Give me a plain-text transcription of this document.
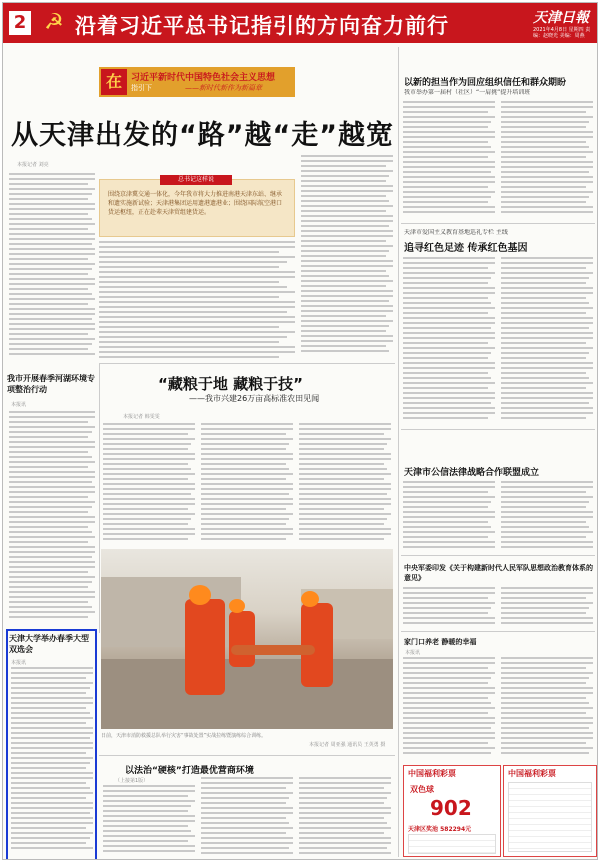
2 ☭ 沿着习近平总书记指引的方向奋力前行	天津日報
2021年4月8日 星期四 责编：赵晓光 美编：周燕
在	习近平新时代中国特色社会主义思想
指引下	——新时代新作为新篇章
从天津出发的“路”越“走”越宽
本报记者 刘亮
总书记这样说
围绕京津冀交通一体化，今年我市将大力推进南港天津东站、继承和遗实施新试验；天津港集团运用遗港遗港业；围绕国际航空港口货运枢纽，正在赴辈天津贸组建货运。
“藏粮于地 藏粮于技”
——我市兴建26万亩高标准农田见闻
本报记者 韩雯雯
我市开展春季河湖环境专项整治行动
本报讯
天津大学举办春季大型双选会
本报讯
日前，天津市消防救援总队举行灾害“事故处置”实战拉练暨演练综合训练。
本报记者 周亚强 通讯员 王英勇 摄
以法治“硬核”打造最优营商环境
（上接第1版）
以新的担当作为回应组织信任和群众期盼
我市举办第一届村（社区）“一肩挑”提升培训班
天津市爱国主义教育基地巡礼专栏 主线
追寻红色足迹 传承红色基因
天津市公信法律战略合作联盟成立
中央军委印发《关于构建新时代人民军队思想政治教育体系的意见》
家门口养老 静暖的幸福
本报讯
中国福利彩票
双色球
902
天津区奖池 582294元
中国福利彩票
